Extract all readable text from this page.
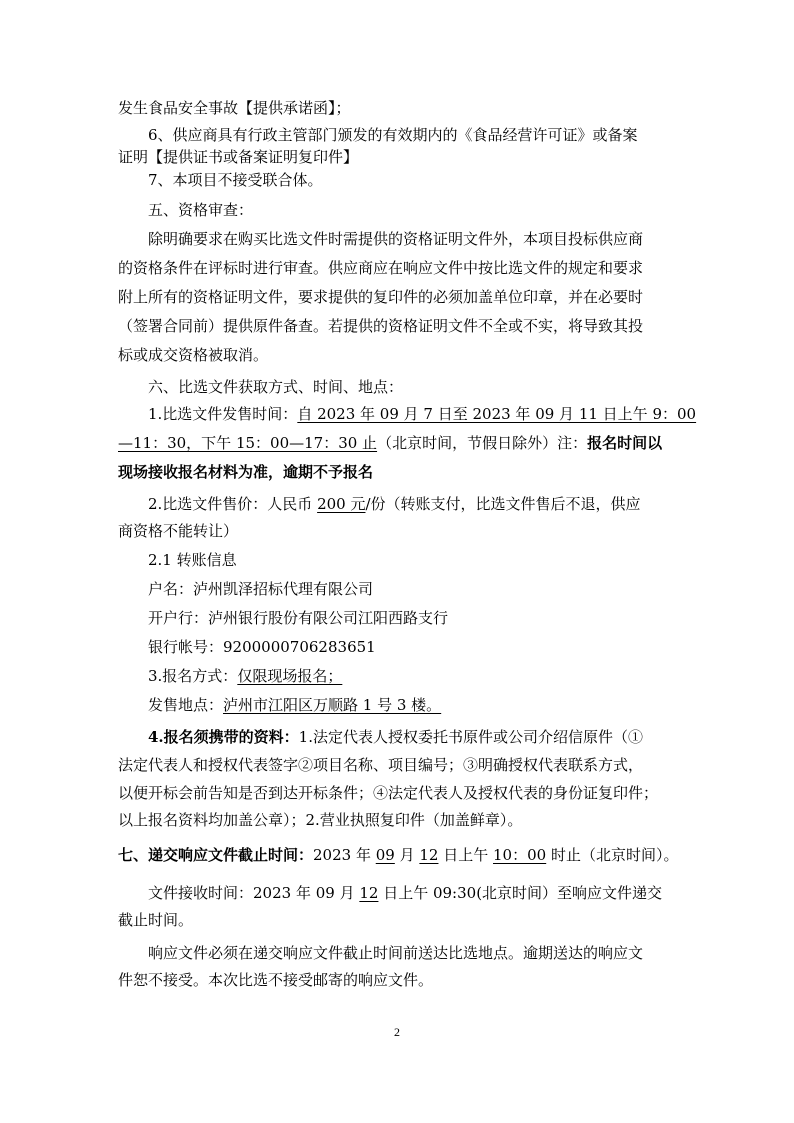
发生食品安全事故【提供承诺函】；
6、供应商具有行政主管部门颁发的有效期内的《食品经营许可证》或备案
证明【提供证书或备案证明复印件】
7、本项目不接受联合体。
五、资格审查：
除明确要求在购买比选文件时需提供的资格证明文件外，本项目投标供应商
的资格条件在评标时进行审查。供应商应在响应文件中按比选文件的规定和要求
附上所有的资格证明文件，要求提供的复印件的必须加盖单位印章，并在必要时
（签署合同前）提供原件备查。若提供的资格证明文件不全或不实，将导致其投
标或成交资格被取消。
六、比选文件获取方式、时间、地点：
1.比选文件发售时间：自 2023 年 09 月 7 日至 2023 年 09 月 11 日上午 9：00
—11：30，下午 15：00—17：30 止（北京时间，节假日除外）注：报名时间以
现场接收报名材料为准，逾期不予报名
2.比选文件售价：人民币 200 元/份（转账支付，比选文件售后不退，供应
商资格不能转让）
2.1 转账信息
户名：泸州凯泽招标代理有限公司
开户行：泸州银行股份有限公司江阳西路支行
银行帐号：9200000706283651
3.报名方式：仅限现场报名；
发售地点：泸州市江阳区万顺路 1 号 3 楼。
4.报名须携带的资料：1.法定代表人授权委托书原件或公司介绍信原件（①
法定代表人和授权代表签字②项目名称、项目编号；③明确授权代表联系方式，
以便开标会前告知是否到达开标条件；④法定代表人及授权代表的身份证复印件；
以上报名资料均加盖公章）；2.营业执照复印件（加盖鲜章）。
七、递交响应文件截止时间：2023 年 09 月 12 日上午 10：00 时止（北京时间）。
文件接收时间：2023 年 09 月 12 日上午 09:30(北京时间）至响应文件递交
截止时间。
响应文件必须在递交响应文件截止时间前送达比选地点。逾期送达的响应文
件恕不接受。本次比选不接受邮寄的响应文件。
2
